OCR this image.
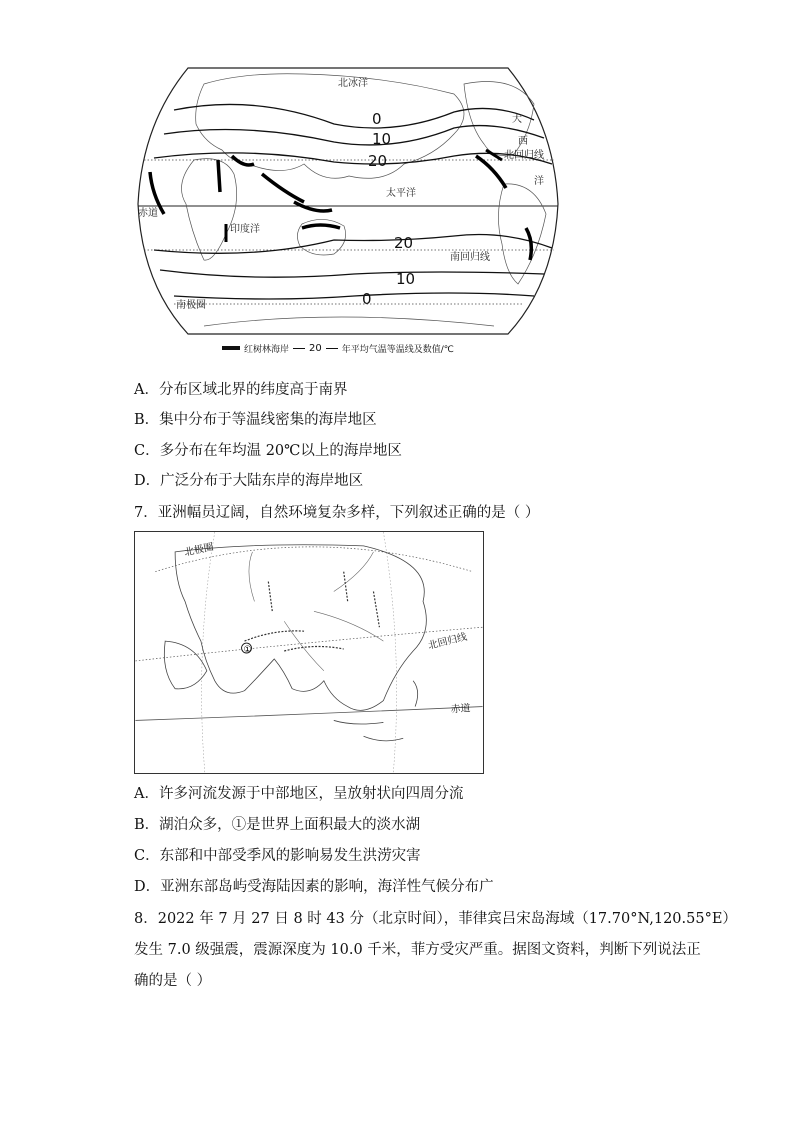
0
10
20
20
10
0
北冰洋
太平洋
印度洋
赤道
北回归线
南回归线
南极圈
大
西
洋
红树林海岸 20 年平均气温等温线及数值/℃
A．分布区域北界的纬度高于南界
B．集中分布于等温线密集的海岸地区
C．多分布在年均温 20℃以上的海岸地区
D．广泛分布于大陆东岸的海岸地区
7．亚洲幅员辽阔，自然环境复杂多样，下列叙述正确的是（ ）
①
北极圈
北回归线
赤道
A．许多河流发源于中部地区，呈放射状向四周分流
B．湖泊众多，①是世界上面积最大的淡水湖
C．东部和中部受季风的影响易发生洪涝灾害
D．亚洲东部岛屿受海陆因素的影响，海洋性气候分布广
8．2022 年 7 月 27 日 8 时 43 分（北京时间），菲律宾吕宋岛海域（17.70°N,120.55°E）
发生 7.0 级强震，震源深度为 10.0 千米，菲方受灾严重。据图文资料，判断下列说法正
确的是（ ）
